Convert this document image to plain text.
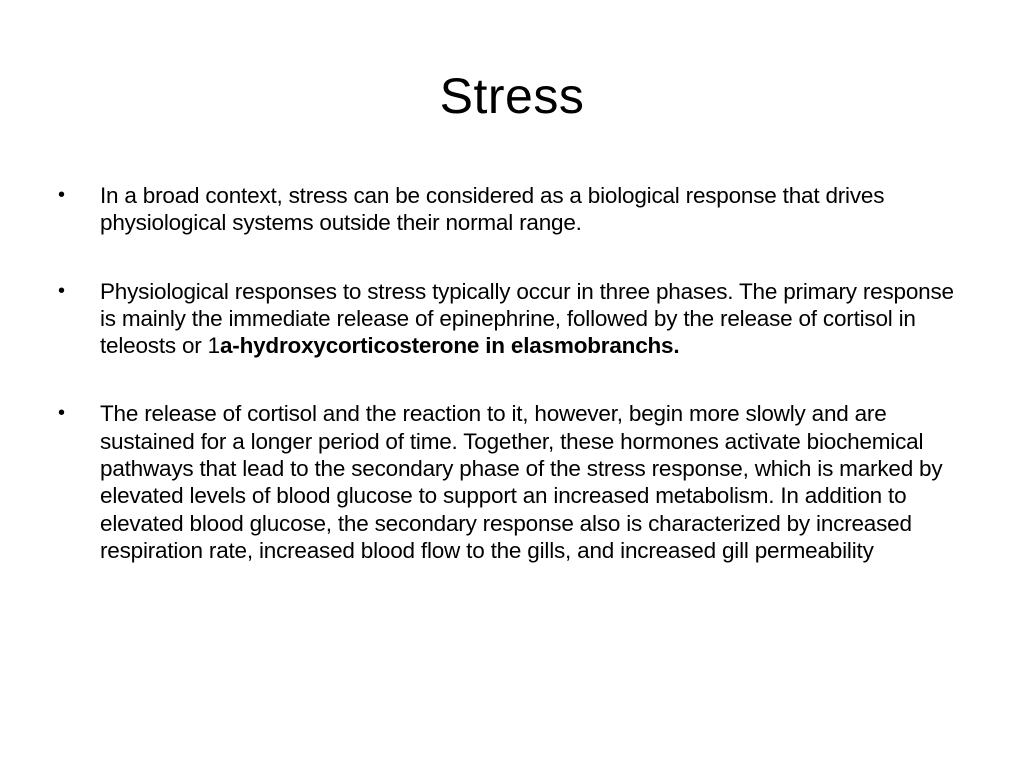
Stress
• In a broad context, stress can be considered as a biological response that drives physiological systems outside their normal range.
• Physiological responses to stress typically occur in three phases. The primary response is mainly the immediate release of epinephrine, followed by the release of cortisol in teleosts or 1a-hydroxycorticosterone in elasmobranchs.
• The release of cortisol and the reaction to it, however, begin more slowly and are sustained for a longer period of time. Together, these hormones activate biochemical pathways that lead to the secondary phase of the stress response, which is marked by elevated levels of blood glucose to support an increased metabolism. In addition to elevated blood glucose, the secondary response also is characterized by increased respiration rate, increased blood flow to the gills, and increased gill permeability
